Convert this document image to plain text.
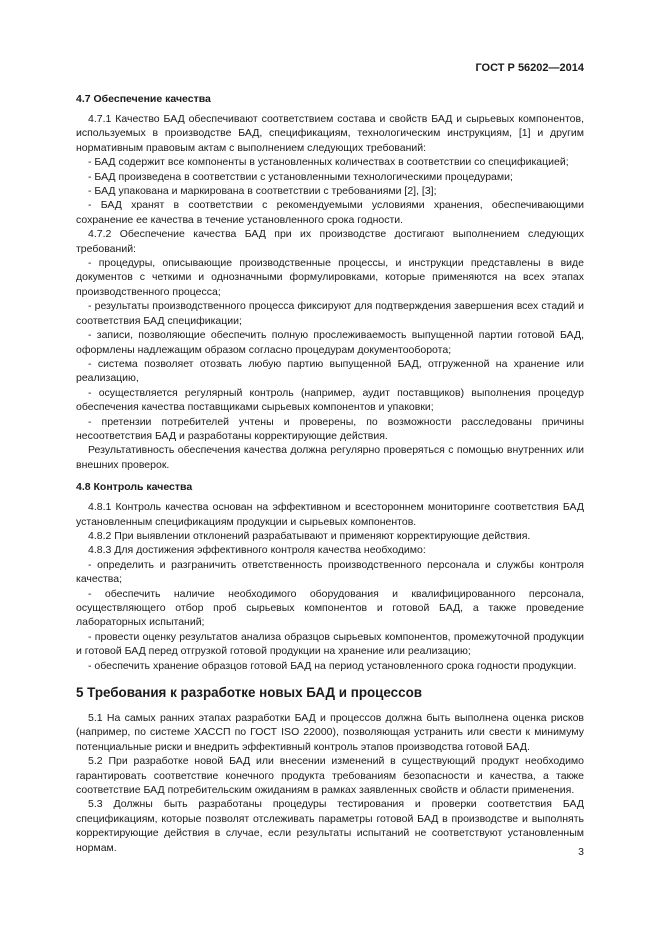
ГОСТ Р 56202—2014
4.7 Обеспечение качества

4.7.1 Качество БАД обеспечивают соответствием состава и свойств БАД и сырьевых компонентов, используемых в производстве БАД, спецификациям, технологическим инструкциям, [1] и другим нормативным правовым актам с выполнением следующих требований:

- БАД содержит все компоненты в установленных количествах в соответствии со спецификацией;

- БАД произведена в соответствии с установленными технологическими процедурами;

- БАД упакована и маркирована в соответствии с требованиями [2], [3];

- БАД хранят в соответствии с рекомендуемыми условиями хранения, обеспечивающими сохранение ее качества в течение установленного срока годности.

4.7.2 Обеспечение качества БАД при их производстве достигают выполнением следующих требований:

- процедуры, описывающие производственные процессы, и инструкции представлены в виде документов с четкими и однозначными формулировками, которые применяются на всех этапах производственного процесса;

- результаты производственного процесса фиксируют для подтверждения завершения всех стадий и соответствия БАД спецификации;

- записи, позволяющие обеспечить полную прослеживаемость выпущенной партии готовой БАД, оформлены надлежащим образом согласно процедурам документооборота;

- система позволяет отозвать любую партию выпущенной БАД, отгруженной на хранение или реализацию,

- осуществляется регулярный контроль (например, аудит поставщиков) выполнения процедур обеспечения качества поставщиками сырьевых компонентов и упаковки;

- претензии потребителей учтены и проверены, по возможности расследованы причины несоответствия БАД и разработаны корректирующие действия.

Результативность обеспечения качества должна регулярно проверяться с помощью внутренних или внешних проверок.

4.8 Контроль качества

4.8.1 Контроль качества основан на эффективном и всестороннем мониторинге соответствия БАД установленным спецификациям продукции и сырьевых компонентов.

4.8.2 При выявлении отклонений разрабатывают и применяют корректирующие действия.

4.8.3 Для достижения эффективного контроля качества необходимо:

- определить и разграничить ответственность производственного персонала и службы контроля качества;

- обеспечить наличие необходимого оборудования и квалифицированного персонала, осуществляющего отбор проб сырьевых компонентов и готовой БАД, а также проведение лабораторных испытаний;

- провести оценку результатов анализа образцов сырьевых компонентов, промежуточной продукции и готовой БАД перед отгрузкой готовой продукции на хранение или реализацию;

- обеспечить хранение образцов готовой БАД на период установленного срока годности продукции.

5 Требования к разработке новых БАД и процессов

5.1 На самых ранних этапах разработки БАД и процессов должна быть выполнена оценка рисков (например, по системе ХАССП по ГОСТ ISO 22000), позволяющая устранить или свести к минимуму потенциальные риски и внедрить эффективный контроль этапов производства готовой БАД.

5.2 При разработке новой БАД или внесении изменений в существующий продукт необходимо гарантировать соответствие конечного продукта требованиям безопасности и качества, а также соответствие БАД потребительским ожиданиям в рамках заявленных свойств и области применения.

5.3 Должны быть разработаны процедуры тестирования и проверки соответствия БАД спецификациям, которые позволят отслеживать параметры готовой БАД в производстве и выполнять корректирующие действия в случае, если результаты испытаний не соответствуют установленным нормам.	3
